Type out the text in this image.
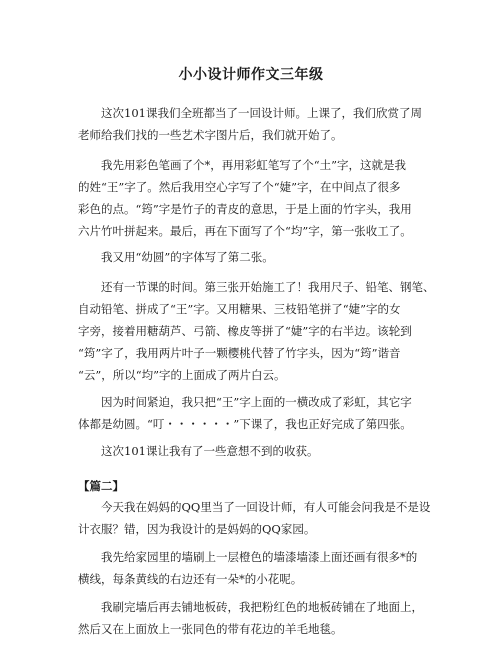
小小设计师作文三年级
　　这次101课我们全班都当了一回设计师。上课了，我们欣赏了周
老师给我们找的一些艺术字图片后，我们就开始了。
　　我先用彩色笔画了个*，再用彩虹笔写了个“土”字，这就是我
的姓“王”字了。然后我用空心字写了个“婕”字，在中间点了很多
彩色的点。“筠”字是竹子的青皮的意思，于是上面的竹字头，我用
六片竹叶拼起来。最后，再在下面写了个“均”字，第一张收工了。
　　我又用“幼圆”的字体写了第二张。
　　还有一节课的时间。第三张开始施工了！我用尺子、铅笔、钢笔、
自动铅笔、拼成了“王”字。又用糖果、三枝铅笔拼了“婕”字的女
字旁，接着用糖葫芦、弓箭、橡皮等拼了“婕”字的右半边。该轮到
“筠”字了，我用两片叶子一颗樱桃代替了竹字头，因为“筠”谐音
“云”，所以“均”字的上面成了两片白云。
　　因为时间紧迫，我只把“王”字上面的一横改成了彩虹，其它字
体都是幼圆。“叮・・・・・・”下课了，我也正好完成了第四张。
　　这次101课让我有了一些意想不到的收获。
【篇二】
　　今天我在妈妈的QQ里当了一回设计师，有人可能会问我是不是设
计衣服？错，因为我设计的是妈妈的QQ家园。
　　我先给家园里的墙刷上一层橙色的墙漆墙漆上面还画有很多*的
横线，每条黄线的右边还有一朵*的小花呢。
　　我刷完墙后再去铺地板砖，我把粉红色的地板砖铺在了地面上，
然后又在上面放上一张同色的带有花边的羊毛地毯。
